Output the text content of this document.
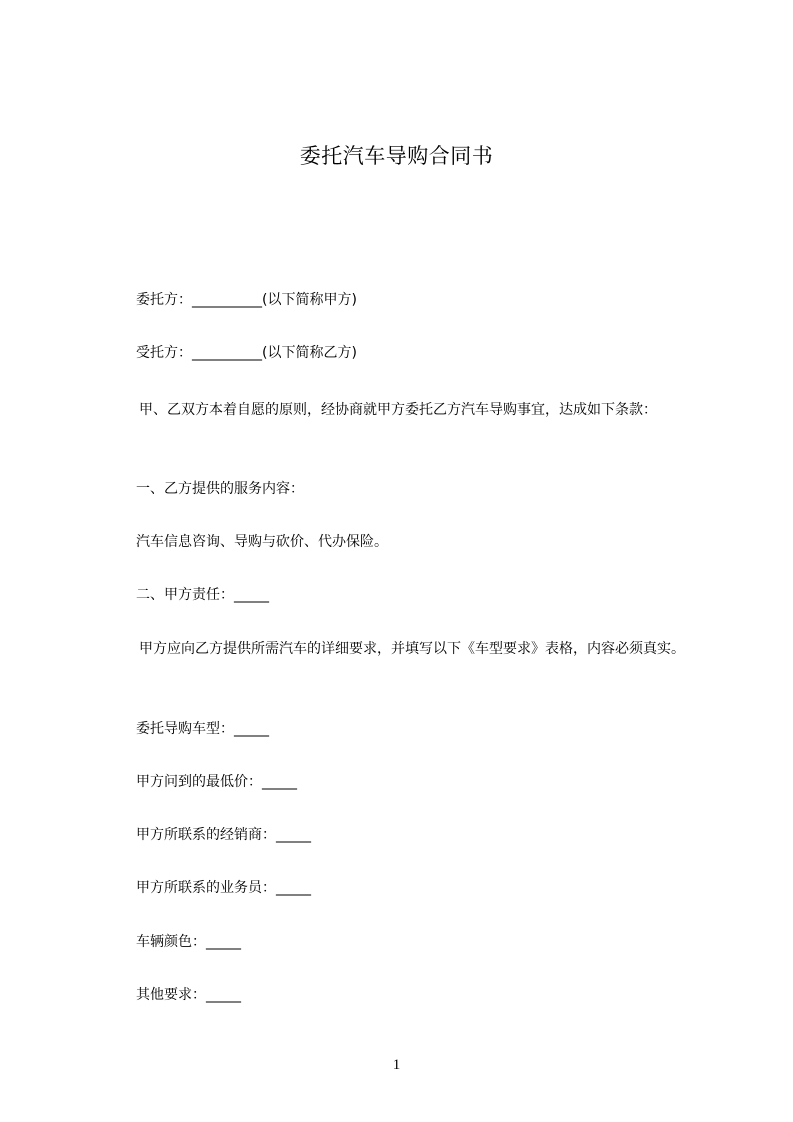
委托汽车导购合同书
委托方：__________(以下简称甲方)
受托方：__________(以下简称乙方)
甲、乙双方本着自愿的原则，经协商就甲方委托乙方汽车导购事宜，达成如下条款：
一、乙方提供的服务内容：
汽车信息咨询、导购与砍价、代办保险。
二、甲方责任：_____
甲方应向乙方提供所需汽车的详细要求，并填写以下《车型要求》表格，内容必须真实。
委托导购车型：_____
甲方问到的最低价：_____
甲方所联系的经销商：_____
甲方所联系的业务员：_____
车辆颜色：_____
其他要求：_____
1
